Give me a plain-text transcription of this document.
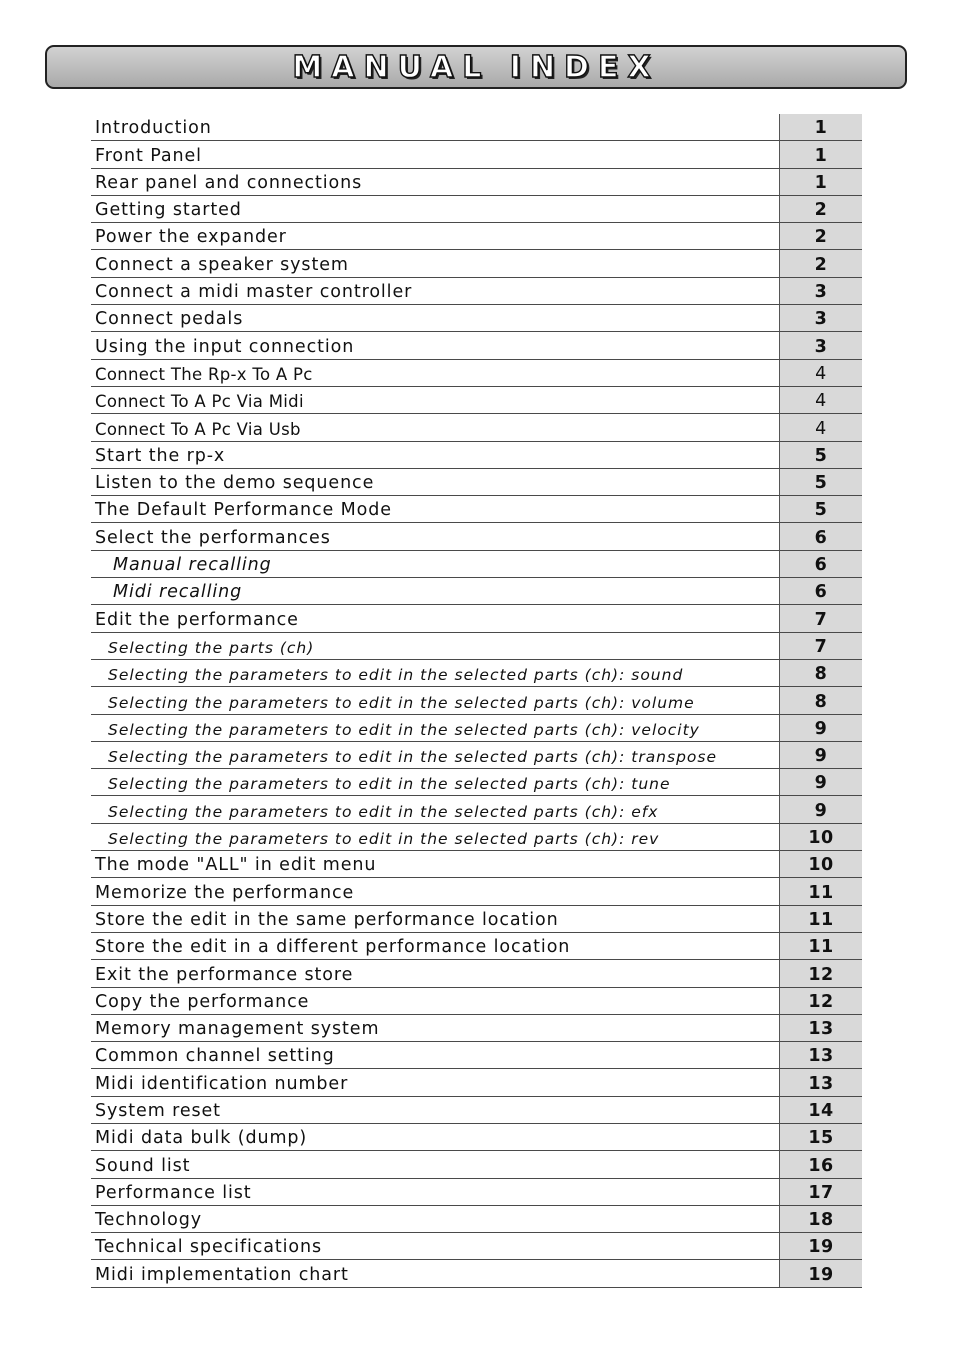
MANUAL INDEX
Introduction	1
Front Panel	1
Rear panel and connections	1
Getting started	2
Power the expander	2
Connect a speaker system	2
Connect a midi master controller	3
Connect pedals	3
Using the input connection	3
Connect The Rp-x To A Pc	4
Connect To A Pc Via Midi	4
Connect To A Pc Via Usb	4
Start the rp-x	5
Listen to the demo sequence	5
The Default Performance Mode	5
Select the performances	6
Manual recalling	6
Midi recalling	6
Edit the performance	7
Selecting the parts (ch)	7
Selecting the parameters to edit in the selected parts (ch): sound	8
Selecting the parameters to edit in the selected parts (ch): volume	8
Selecting the parameters to edit in the selected parts (ch): velocity	9
Selecting the parameters to edit in the selected parts (ch): transpose	9
Selecting the parameters to edit in the selected parts (ch): tune	9
Selecting the parameters to edit in the selected parts (ch): efx	9
Selecting the parameters to edit in the selected parts (ch): rev	10
The mode "ALL" in edit menu	10
Memorize the performance	11
Store the edit in the same performance location	11
Store the edit in a different performance location	11
Exit the performance store	12
Copy the performance	12
Memory management system	13
Common channel setting	13
Midi identification number	13
System reset	14
Midi data bulk (dump)	15
Sound list	16
Performance list	17
Technology	18
Technical specifications	19
Midi implementation chart	19
